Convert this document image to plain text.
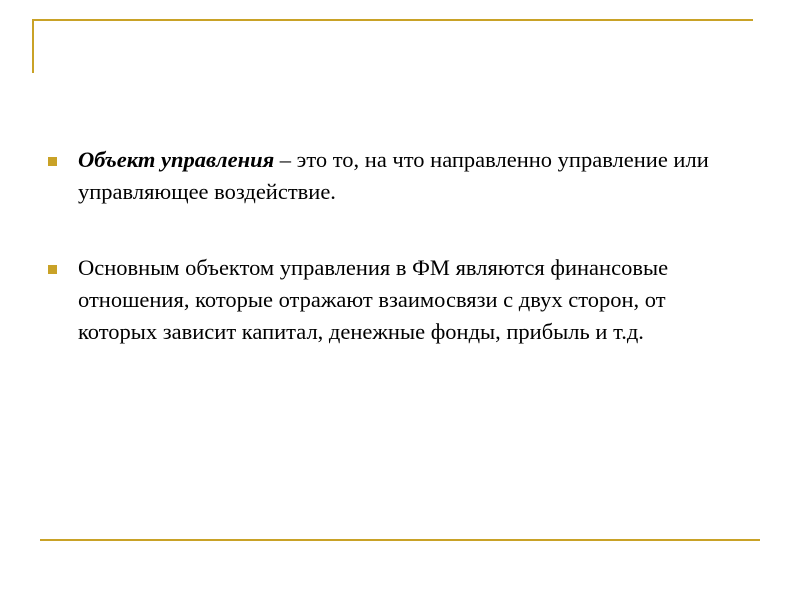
Объект управления – это то, на что направленно управление или управляющее воздействие.
Основным объектом управления в ФМ являются финансовые отношения, которые отражают взаимосвязи с двух сторон, от которых зависит капитал, денежные фонды, прибыль и т.д.
